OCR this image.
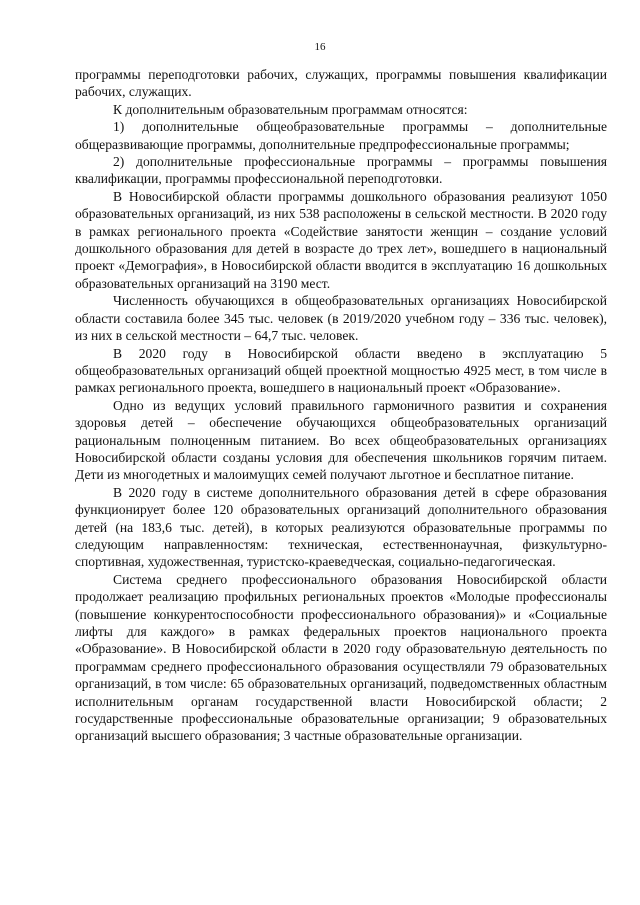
16

программы переподготовки рабочих, служащих, программы повышения квалификации рабочих, служащих.

К дополнительным образовательным программам относятся:

1) дополнительные общеобразовательные программы – дополнительные общеразвивающие программы, дополнительные предпрофессиональные программы;

2) дополнительные профессиональные программы – программы повышения квалификации, программы профессиональной переподготовки.

В Новосибирской области программы дошкольного образования реализуют 1050 образовательных организаций, из них 538 расположены в сельской местности. В 2020 году в рамках регионального проекта «Содействие занятости женщин – создание условий дошкольного образования для детей в возрасте до трех лет», вошедшего в национальный проект «Демография», в Новосибирской области вводится в эксплуатацию 16 дошкольных образовательных организаций на 3190 мест.

Численность обучающихся в общеобразовательных организациях Новосибирской области составила более 345 тыс. человек (в 2019/2020 учебном году – 336 тыс. человек), из них в сельской местности – 64,7 тыс. человек.

В 2020 году в Новосибирской области введено в эксплуатацию 5 общеобразовательных организаций общей проектной мощностью 4925 мест, в том числе в рамках регионального проекта, вошедшего в национальный проект «Образование».

Одно из ведущих условий правильного гармоничного развития и сохранения здоровья детей – обеспечение обучающихся общеобразовательных организаций рациональным полноценным питанием. Во всех общеобразовательных организациях Новосибирской области созданы условия для обеспечения школьников горячим питаем. Дети из многодетных и малоимущих семей получают льготное и бесплатное питание.

В 2020 году в системе дополнительного образования детей в сфере образования функционирует более 120 образовательных организаций дополнительного образования детей (на 183,6 тыс. детей), в которых реализуются образовательные программы по следующим направленностям: техническая, естественнонаучная, физкультурно-спортивная, художественная, туристско-краеведческая, социально-педагогическая.

Система среднего профессионального образования Новосибирской области продолжает реализацию профильных региональных проектов «Молодые профессионалы (повышение конкурентоспособности профессионального образования)» и «Социальные лифты для каждого» в рамках федеральных проектов национального проекта «Образование». В Новосибирской области в 2020 году образовательную деятельность по программам среднего профессионального образования осуществляли 79 образовательных организаций, в том числе: 65 образовательных организаций, подведомственных областным исполнительным органам государственной власти Новосибирской области; 2 государственные профессиональные образовательные организации; 9 образовательных организаций высшего образования; 3 частные образовательные организации.
